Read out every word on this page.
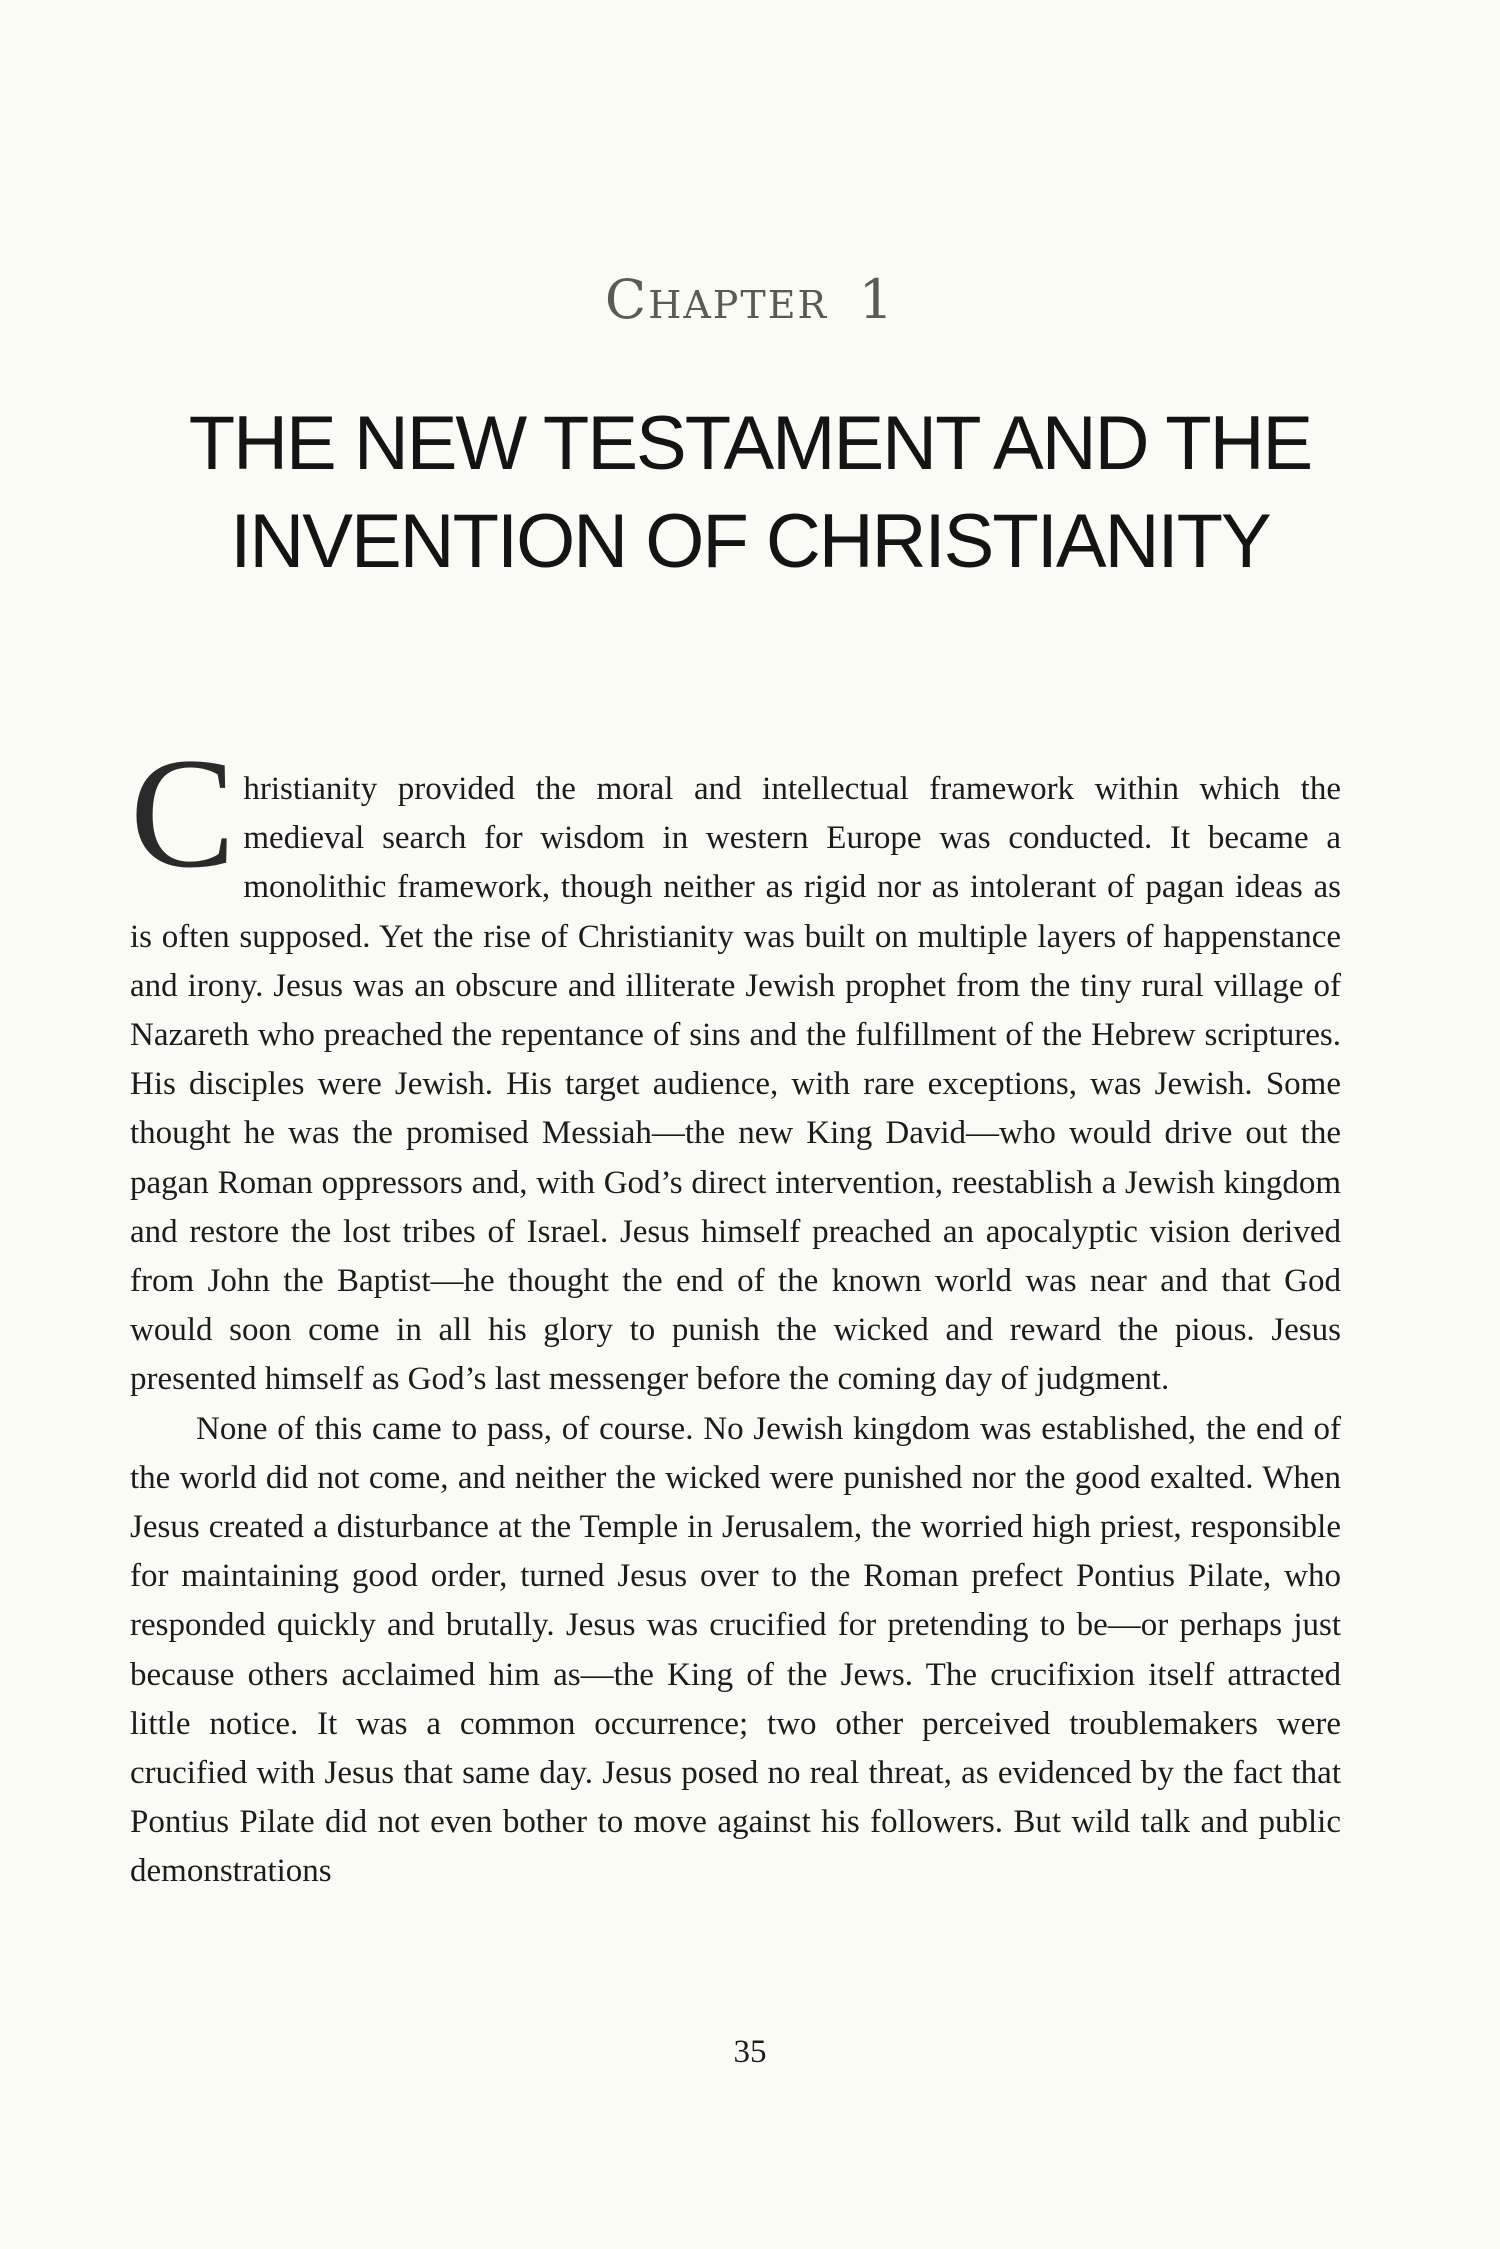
CHAPTER 1
THE NEW TESTAMENT AND THE
INVENTION OF CHRISTIANITY

Christianity provided the moral and intellectual framework within which the medieval search for wisdom in western Europe was conducted. It became a monolithic framework, though neither as rigid nor as intolerant of pagan ideas as is often supposed. Yet the rise of Christianity was built on multiple layers of happenstance and irony. Jesus was an obscure and illiterate Jewish prophet from the tiny rural village of Nazareth who preached the repentance of sins and the fulfillment of the Hebrew scriptures. His disciples were Jewish. His target audience, with rare exceptions, was Jewish. Some thought he was the promised Messiah—the new King David—who would drive out the pagan Roman oppressors and, with God’s direct intervention, reestablish a Jewish kingdom and restore the lost tribes of Israel. Jesus himself preached an apocalyptic vision derived from John the Baptist—he thought the end of the known world was near and that God would soon come in all his glory to punish the wicked and reward the pious. Jesus presented himself as God’s last messenger before the coming day of judgment.

None of this came to pass, of course. No Jewish kingdom was established, the end of the world did not come, and neither the wicked were punished nor the good exalted. When Jesus created a disturbance at the Temple in Jerusalem, the worried high priest, responsible for maintaining good order, turned Jesus over to the Roman prefect Pontius Pilate, who responded quickly and brutally. Jesus was crucified for pretending to be—or perhaps just because others acclaimed him as—the King of the Jews. The crucifixion itself attracted little notice. It was a common occurrence; two other perceived troublemakers were crucified with Jesus that same day. Jesus posed no real threat, as evidenced by the fact that Pontius Pilate did not even bother to move against his followers. But wild talk and public demonstrations

35
